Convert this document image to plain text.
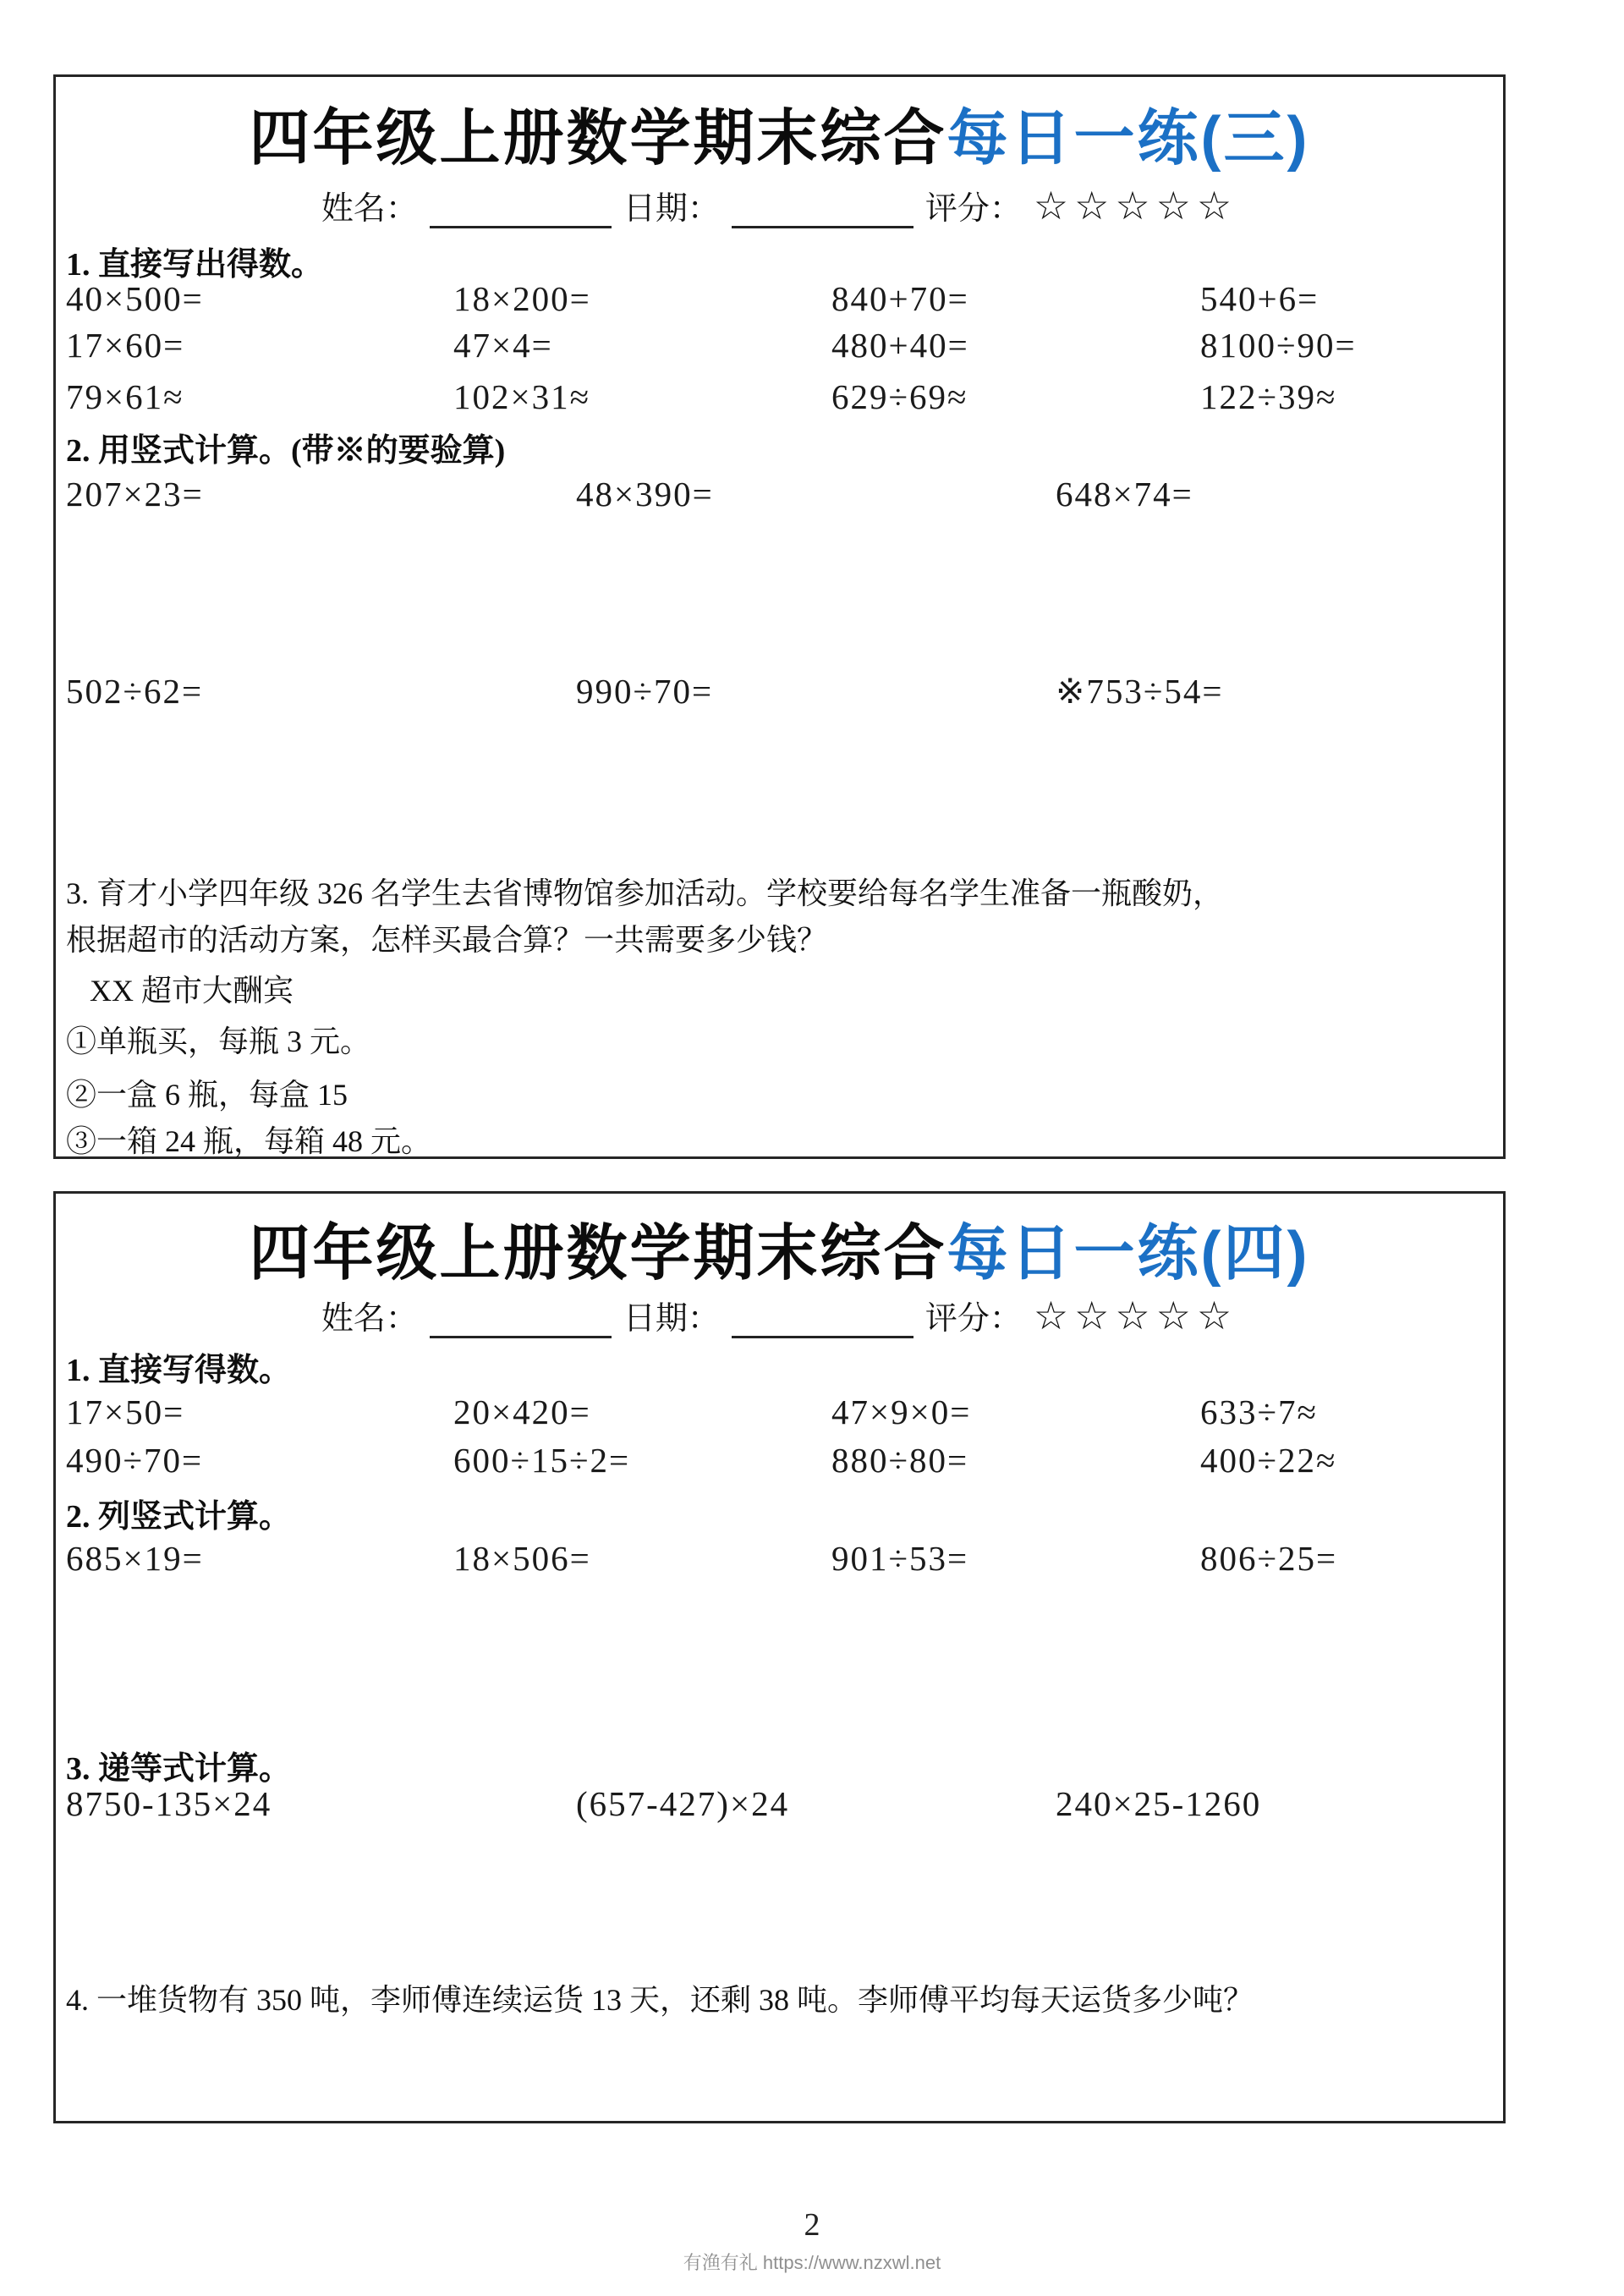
四年级上册数学期末综合每日一练(三)
姓名：	日期：	评分： ☆☆☆☆☆
1. 直接写出得数。
40×500=	18×200=	840+70=	540+6=
17×60=	47×4=	480+40=	8100÷90=
79×61≈	102×31≈	629÷69≈	122÷39≈
2. 用竖式计算。(带※的要验算)
207×23=	48×390=	648×74=
502÷62=	990÷70=	※753÷54=
3. 育才小学四年级 326 名学生去省博物馆参加活动。学校要给每名学生准备一瓶酸奶，
根据超市的活动方案，怎样买最合算？一共需要多少钱？
XX 超市大酬宾
①单瓶买，每瓶 3 元。
②一盒 6 瓶，每盒 15
③一箱 24 瓶，每箱 48 元。
四年级上册数学期末综合每日一练(四)
姓名：	日期：	评分： ☆☆☆☆☆
1. 直接写得数。
17×50=	20×420=	47×9×0=	633÷7≈
490÷70=	600÷15÷2=	880÷80=	400÷22≈
2. 列竖式计算。
685×19=	18×506=	901÷53=	806÷25=
3. 递等式计算。
8750-135×24	(657-427)×24	240×25-1260
4. 一堆货物有 350 吨，李师傅连续运货 13 天，还剩 38 吨。李师傅平均每天运货多少吨？
2
有渔有礼 https://www.nzxwl.net
